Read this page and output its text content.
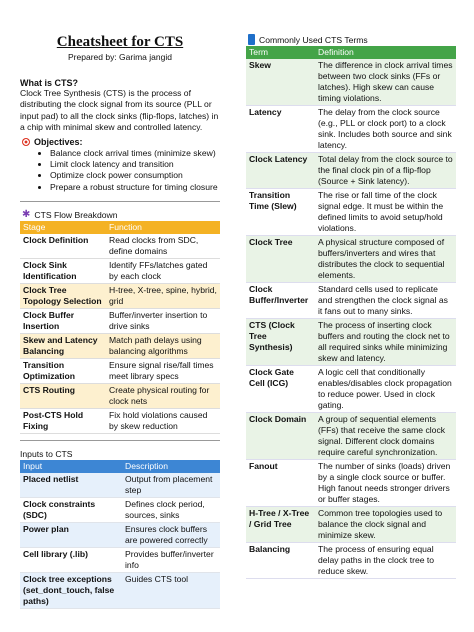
Cheatsheet for CTS
Prepared by: Garima jangid
What is CTS?

Clock Tree Synthesis (CTS) is the process of distributing the clock signal from its source (PLL or input pad) to all the clock sinks (flip-flops, latches) in a chip with minimal skew and controlled latency.

Objectives:
• Balance clock arrival times (minimize skew)
• Limit clock latency and transition
• Optimize clock power consumption
• Prepare a robust structure for timing closure
✱ CTS Flow Breakdown
Stage	Function
Clock Definition	Read clocks from SDC, define domains
Clock Sink Identification	Identify FFs/latches gated by each clock
Clock Tree Topology Selection	H-tree, X-tree, spine, hybrid, grid
Clock Buffer Insertion	Buffer/inverter insertion to drive sinks
Skew and Latency Balancing	Match path delays using balancing algorithms
Transition Optimization	Ensure signal rise/fall times meet library specs
CTS Routing	Create physical routing for clock nets
Post-CTS Hold Fixing	Fix hold violations caused by skew reduction
Inputs to CTS
Input	Description
Placed netlist	Output from placement step
Clock constraints (SDC)	Defines clock period, sources, sinks
Power plan	Ensures clock buffers are powered correctly
Cell library (.lib)	Provides buffer/inverter info
Clock tree exceptions (set_dont_touch, false paths)	Guides CTS tool
Commonly Used CTS Terms
Term	Definition
Skew	The difference in clock arrival times between two clock sinks (FFs or latches). High skew can cause timing violations.
Latency	The delay from the clock source (e.g., PLL or clock port) to a clock sink. Includes both source and sink latency.
Clock Latency	Total delay from the clock source to the final clock pin of a flip-flop (Source + Sink latency).
Transition Time (Slew)	The rise or fall time of the clock signal edge. It must be within the defined limits to avoid setup/hold violations.
Clock Tree	A physical structure composed of buffers/inverters and wires that distributes the clock to sequential elements.
Clock Buffer/Inverter	Standard cells used to replicate and strengthen the clock signal as it fans out to many sinks.
CTS (Clock Tree Synthesis)	The process of inserting clock buffers and routing the clock net to all required sinks while minimizing skew and latency.
Clock Gate Cell (ICG)	A logic cell that conditionally enables/disables clock propagation to reduce power. Used in clock gating.
Clock Domain	A group of sequential elements (FFs) that receive the same clock signal. Different clock domains require careful synchronization.
Fanout	The number of sinks (loads) driven by a single clock source or buffer. High fanout needs stronger drivers or buffer stages.
H-Tree / X-Tree / Grid Tree	Common tree topologies used to balance the clock signal and minimize skew.
Balancing	The process of ensuring equal delay paths in the clock tree to reduce skew.
